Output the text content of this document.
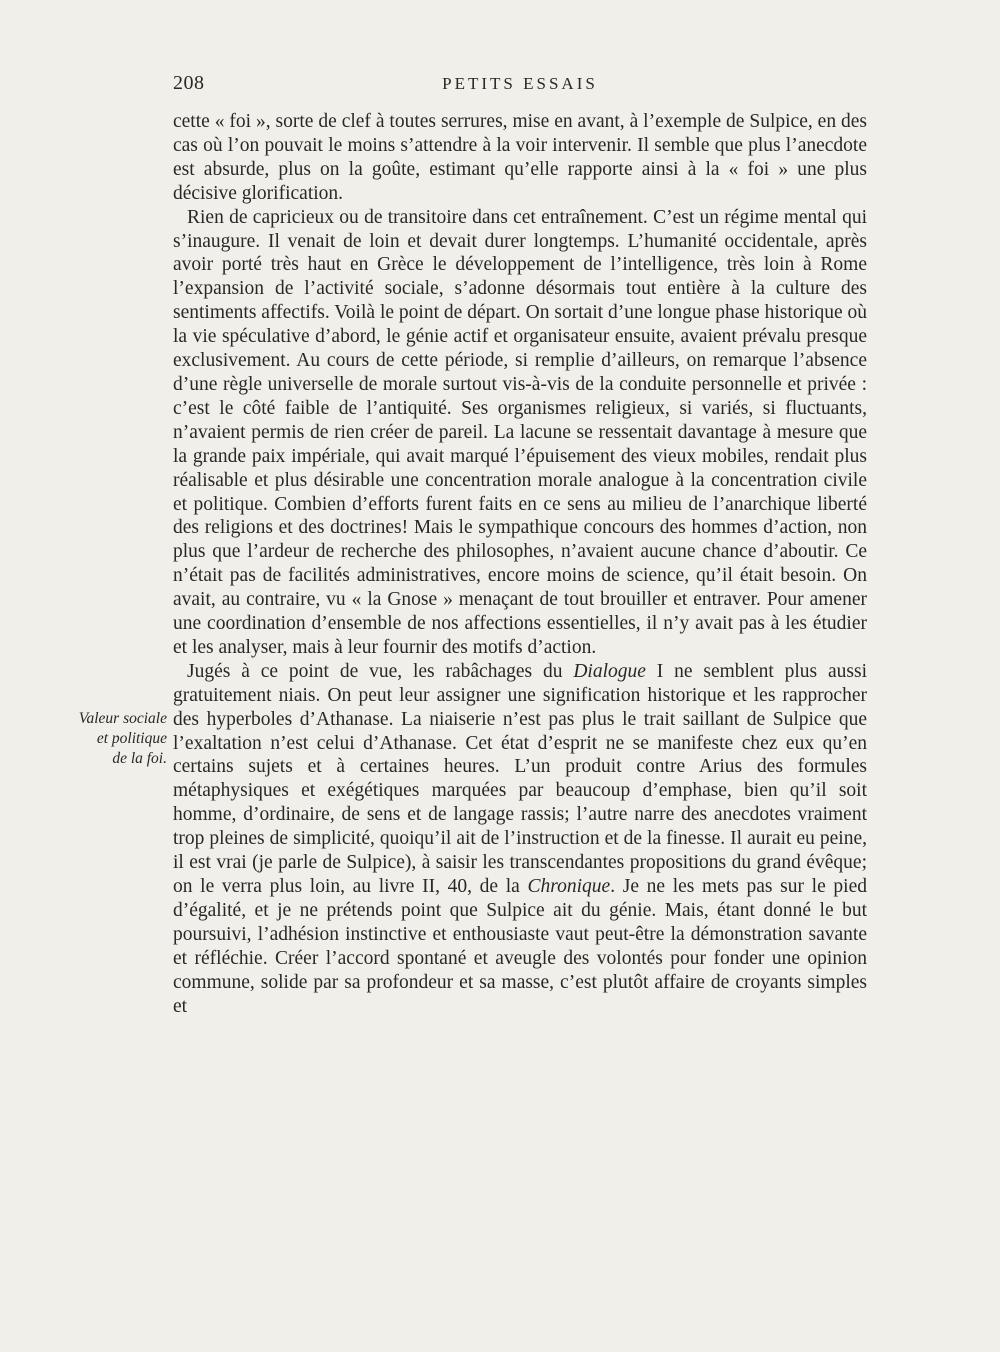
208	PETITS ESSAIS
Valeur sociale
et politique
de la foi.

cette « foi », sorte de clef à toutes serrures, mise en avant, à l’exemple de Sulpice, en des cas où l’on pouvait le moins s’attendre à la voir intervenir. Il semble que plus l’anecdote est absurde, plus on la goûte, estimant qu’elle rapporte ainsi à la « foi » une plus décisive glorification.

Rien de capricieux ou de transitoire dans cet entraînement. C’est un régime mental qui s’inaugure. Il venait de loin et devait durer longtemps. L’humanité occidentale, après avoir porté très haut en Grèce le développement de l’intelligence, très loin à Rome l’expansion de l’activité sociale, s’adonne désormais tout entière à la culture des sentiments affectifs. Voilà le point de départ. On sortait d’une longue phase historique où la vie spéculative d’abord, le génie actif et organisateur ensuite, avaient prévalu presque exclusivement. Au cours de cette période, si remplie d’ailleurs, on remarque l’absence d’une règle universelle de morale surtout vis-à-vis de la conduite personnelle et privée : c’est le côté faible de l’antiquité. Ses organismes religieux, si variés, si fluctuants, n’avaient permis de rien créer de pareil. La lacune se ressentait davantage à mesure que la grande paix impériale, qui avait marqué l’épuisement des vieux mobiles, rendait plus réalisable et plus désirable une concentration morale analogue à la concentration civile et politique. Combien d’efforts furent faits en ce sens au milieu de l’anarchique liberté des religions et des doctrines! Mais le sympathique concours des hommes d’action, non plus que l’ardeur de recherche des philosophes, n’avaient aucune chance d’aboutir. Ce n’était pas de facilités administratives, encore moins de science, qu’il était besoin. On avait, au contraire, vu « la Gnose » menaçant de tout brouiller et entraver. Pour amener une coordination d’ensemble de nos affections essentielles, il n’y avait pas à les étudier et les analyser, mais à leur fournir des motifs d’action.

Jugés à ce point de vue, les rabâchages du Dialogue I ne semblent plus aussi gratuitement niais. On peut leur assigner une signification historique et les rapprocher des hyperboles d’Athanase. La niaiserie n’est pas plus le trait saillant de Sulpice que l’exaltation n’est celui d’Athanase. Cet état d’esprit ne se manifeste chez eux qu’en certains sujets et à certaines heures. L’un produit contre Arius des formules métaphysiques et exégétiques marquées par beaucoup d’emphase, bien qu’il soit homme, d’ordinaire, de sens et de langage rassis; l’autre narre des anecdotes vraiment trop pleines de simplicité, quoiqu’il ait de l’instruction et de la finesse. Il aurait eu peine, il est vrai (je parle de Sulpice), à saisir les transcendantes propositions du grand évêque; on le verra plus loin, au livre II, 40, de la Chronique. Je ne les mets pas sur le pied d’égalité, et je ne prétends point que Sulpice ait du génie. Mais, étant donné le but poursuivi, l’adhésion instinctive et enthousiaste vaut peut-être la démonstration savante et réfléchie. Créer l’accord spontané et aveugle des volontés pour fonder une opinion commune, solide par sa profondeur et sa masse, c’est plutôt affaire de croyants simples et
